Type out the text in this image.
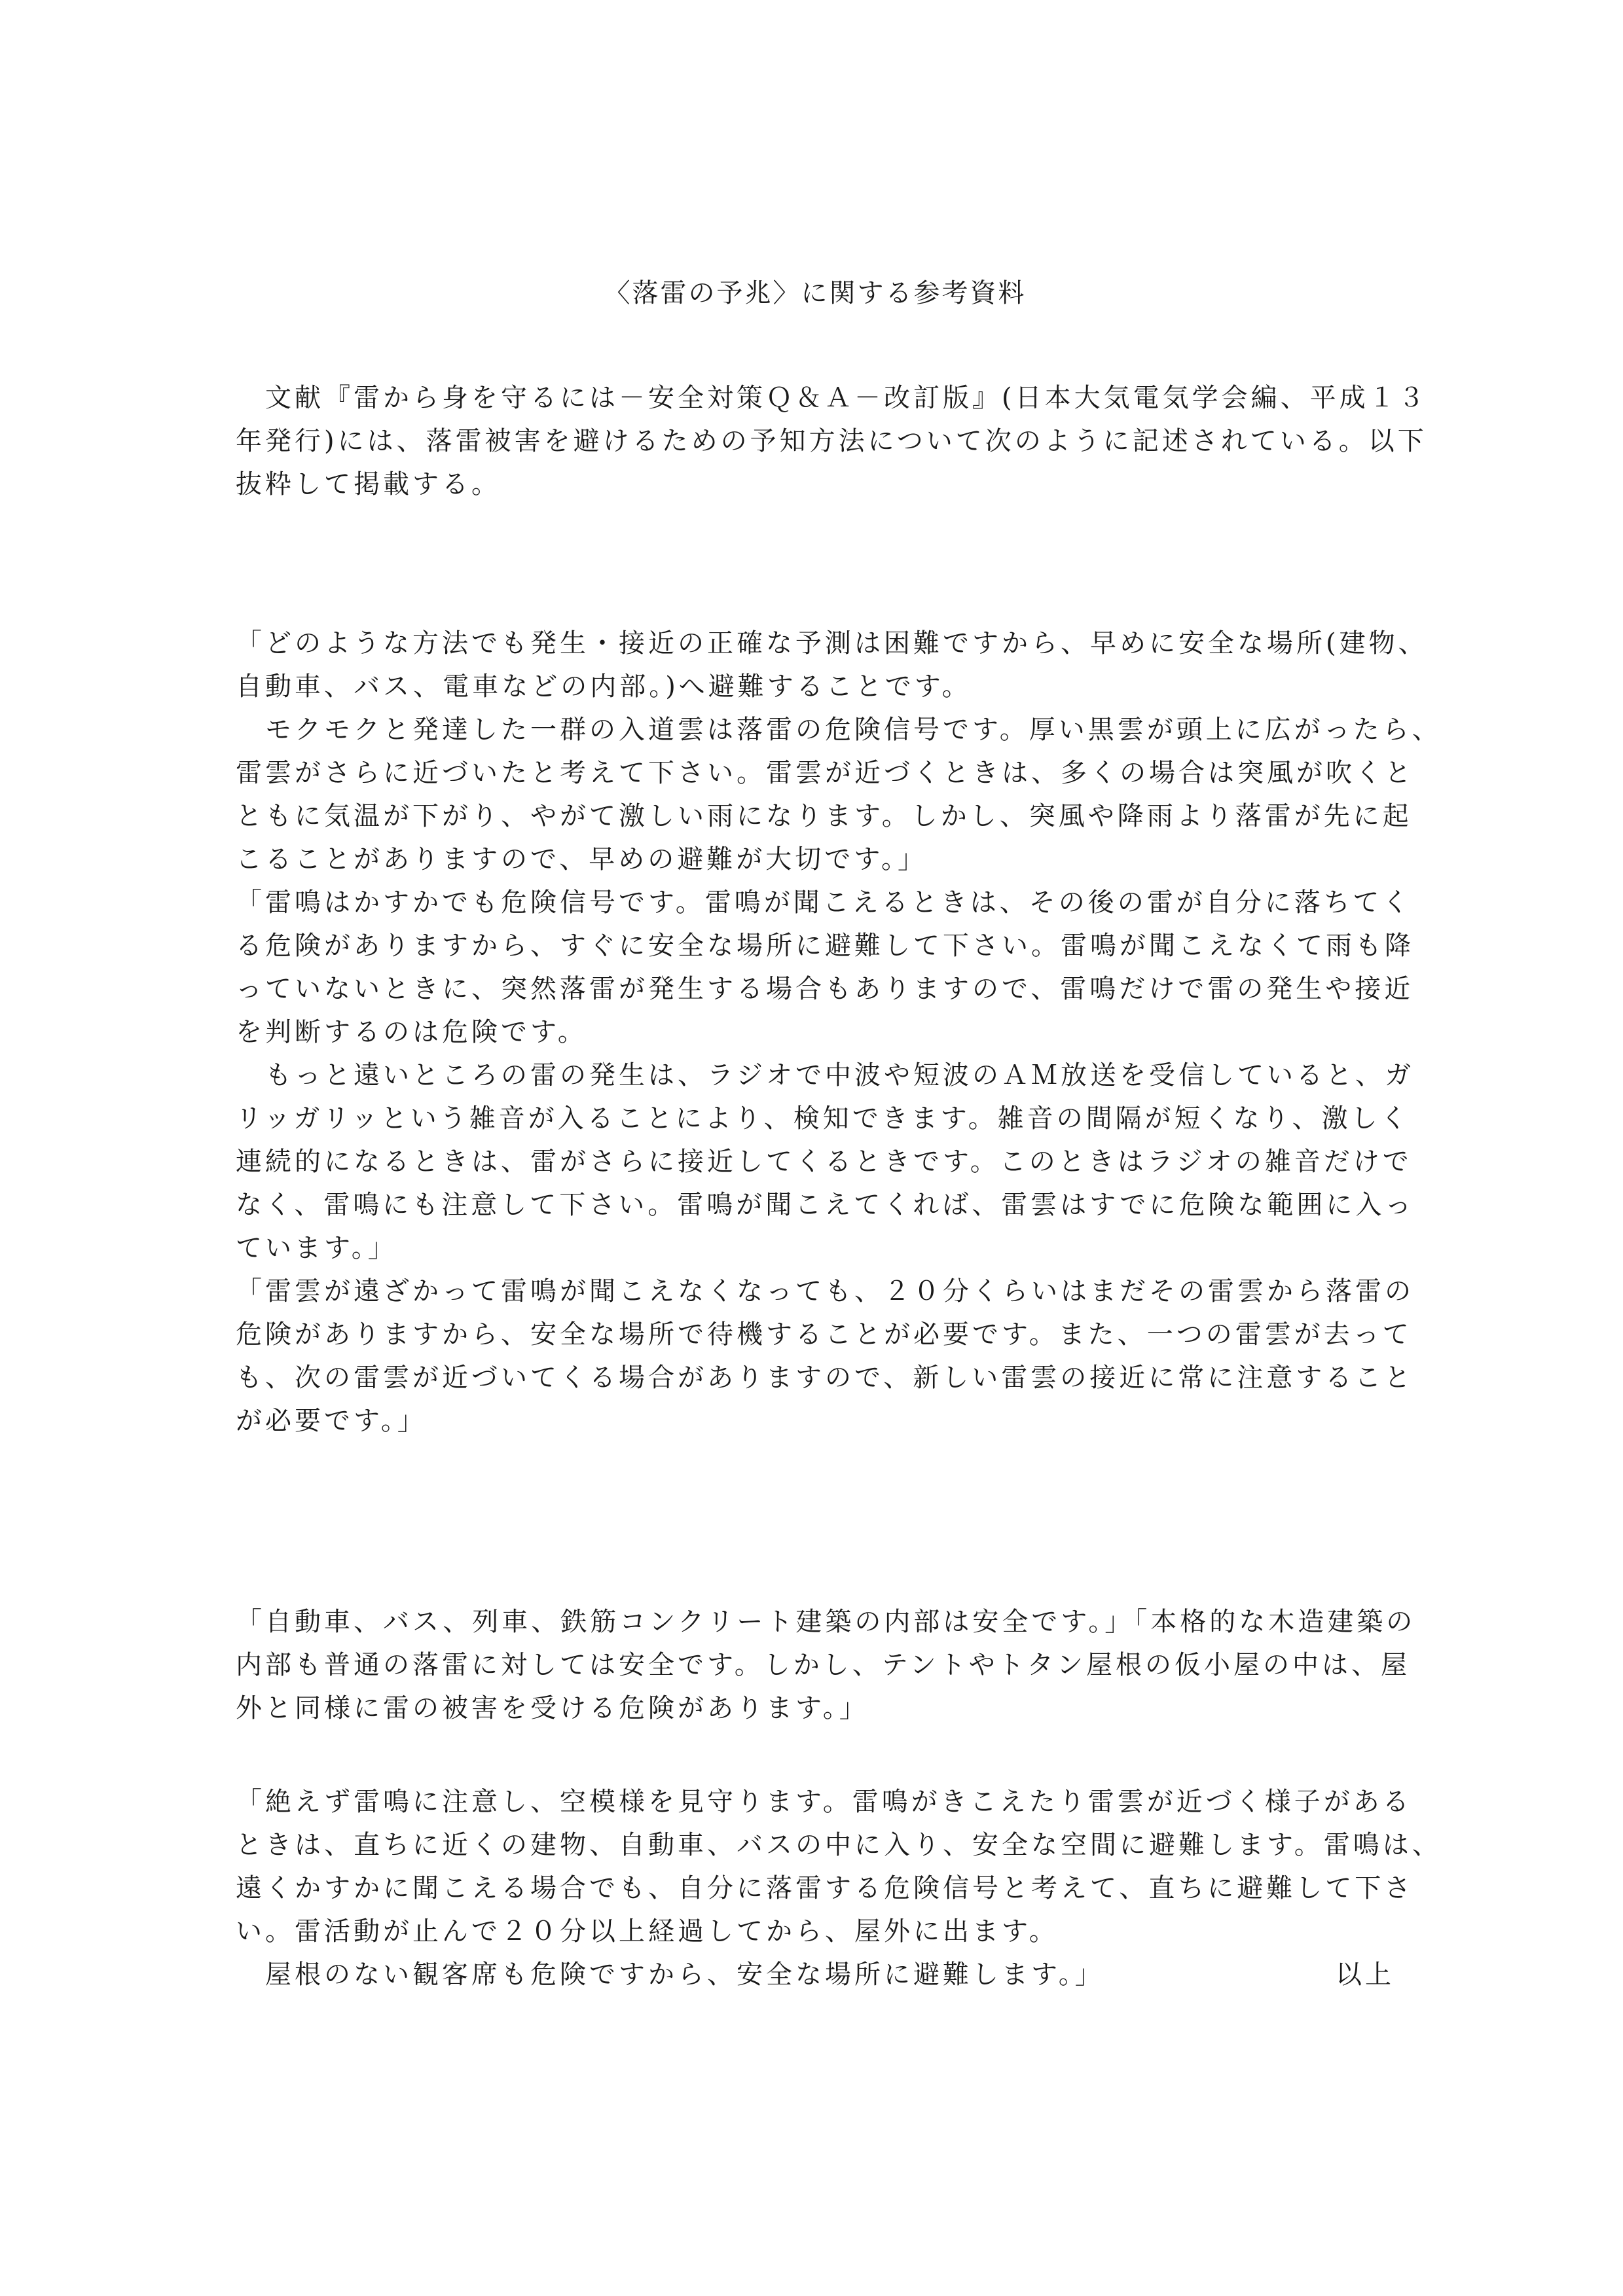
〈落雷の予兆〉に関する参考資料
　文献『雷から身を守るには－安全対策Ｑ＆Ａ－改訂版』(日本大気電気学会編、平成１３
年発行)には、落雷被害を避けるための予知方法について次のように記述されている。以下
抜粋して掲載する。
「どのような方法でも発生・接近の正確な予測は困難ですから、早めに安全な場所(建物、
自動車、バス、電車などの内部。)へ避難することです。
　モクモクと発達した一群の入道雲は落雷の危険信号です。厚い黒雲が頭上に広がったら、
雷雲がさらに近づいたと考えて下さい。雷雲が近づくときは、多くの場合は突風が吹くと
ともに気温が下がり、やがて激しい雨になります。しかし、突風や降雨より落雷が先に起
こることがありますので、早めの避難が大切です。」
「雷鳴はかすかでも危険信号です。雷鳴が聞こえるときは、その後の雷が自分に落ちてく
る危険がありますから、すぐに安全な場所に避難して下さい。雷鳴が聞こえなくて雨も降
っていないときに、突然落雷が発生する場合もありますので、雷鳴だけで雷の発生や接近
を判断するのは危険です。
　もっと遠いところの雷の発生は、ラジオで中波や短波のＡＭ放送を受信していると、ガ
リッガリッという雑音が入ることにより、検知できます。雑音の間隔が短くなり、激しく
連続的になるときは、雷がさらに接近してくるときです。このときはラジオの雑音だけで
なく、雷鳴にも注意して下さい。雷鳴が聞こえてくれば、雷雲はすでに危険な範囲に入っ
ています。」
「雷雲が遠ざかって雷鳴が聞こえなくなっても、２０分くらいはまだその雷雲から落雷の
危険がありますから、安全な場所で待機することが必要です。また、一つの雷雲が去って
も、次の雷雲が近づいてくる場合がありますので、新しい雷雲の接近に常に注意すること
が必要です。」
「自動車、バス、列車、鉄筋コンクリート建築の内部は安全です。」「本格的な木造建築の
内部も普通の落雷に対しては安全です。しかし、テントやトタン屋根の仮小屋の中は、屋
外と同様に雷の被害を受ける危険があります。」
「絶えず雷鳴に注意し、空模様を見守ります。雷鳴がきこえたり雷雲が近づく様子がある
ときは、直ちに近くの建物、自動車、バスの中に入り、安全な空間に避難します。雷鳴は、
遠くかすかに聞こえる場合でも、自分に落雷する危険信号と考えて、直ちに避難して下さ
い。雷活動が止んで２０分以上経過してから、屋外に出ます。
　屋根のない観客席も危険ですから、安全な場所に避難します。」	以上
